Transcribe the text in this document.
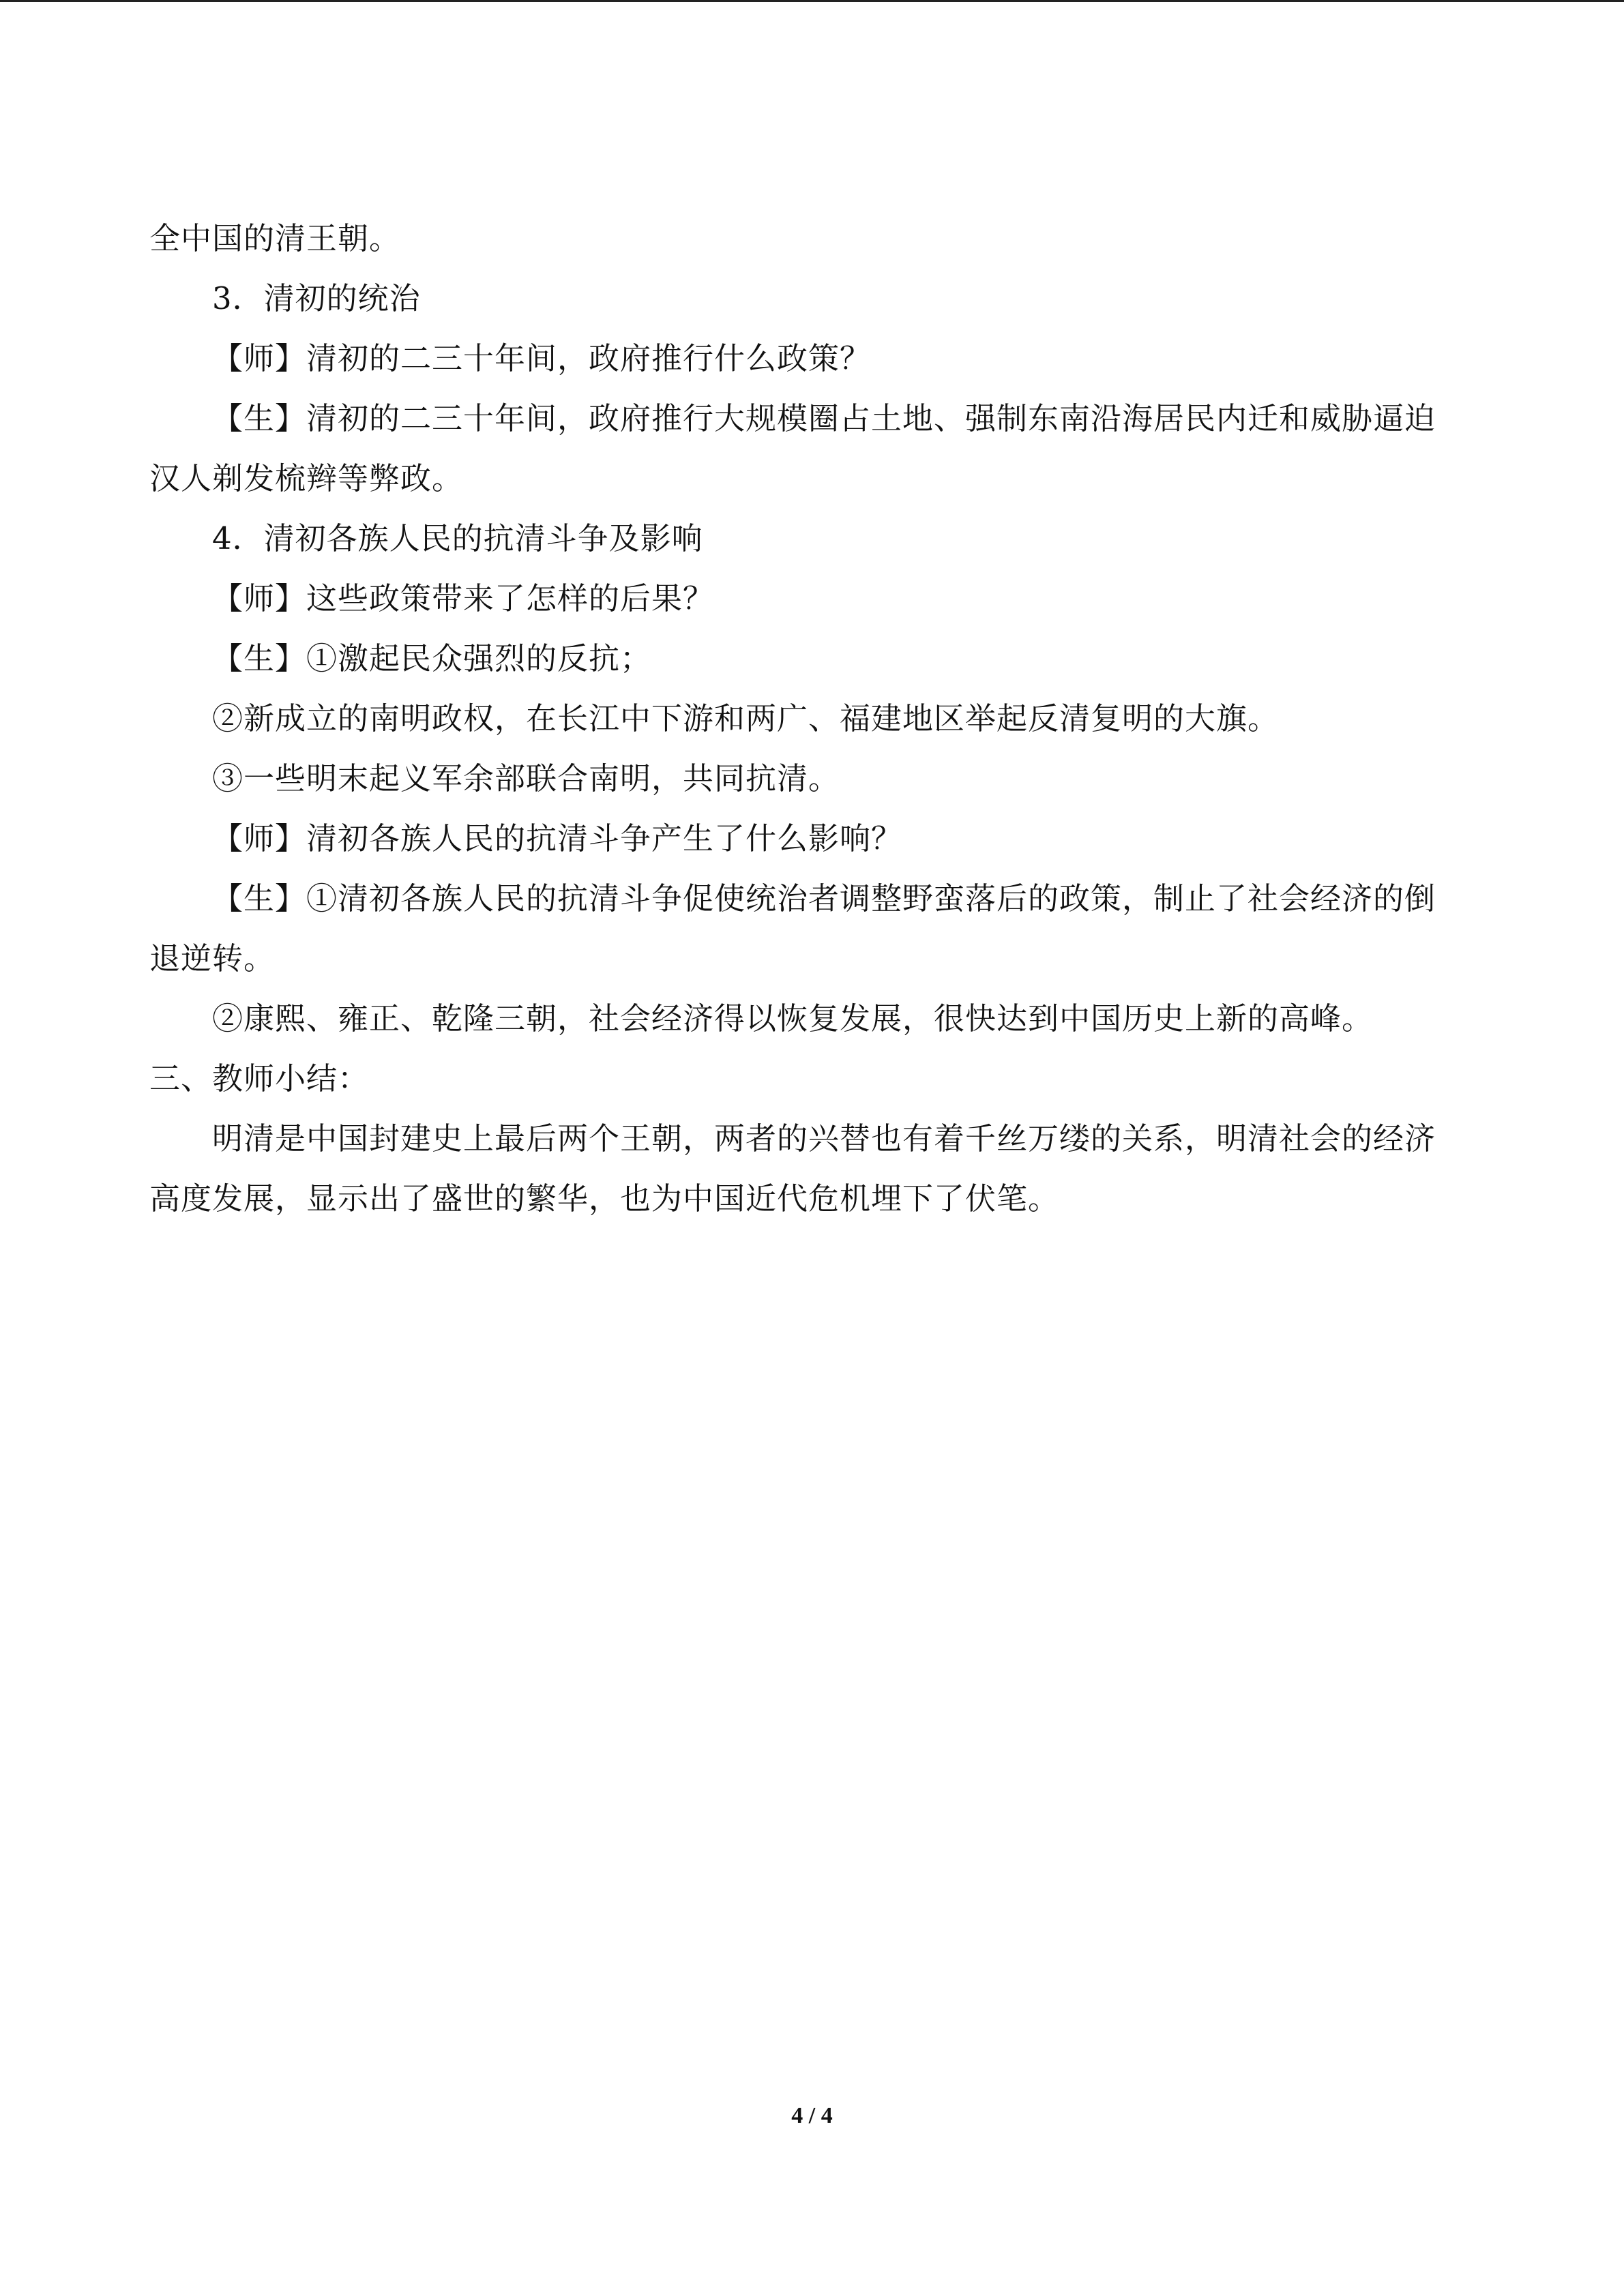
全中国的清王朝。

3．清初的统治

【师】清初的二三十年间，政府推行什么政策？

【生】清初的二三十年间，政府推行大规模圈占土地、强制东南沿海居民内迁和威胁逼迫汉人剃发梳辫等弊政。

4．清初各族人民的抗清斗争及影响

【师】这些政策带来了怎样的后果？

【生】①激起民众强烈的反抗；

②新成立的南明政权，在长江中下游和两广、福建地区举起反清复明的大旗。

③一些明末起义军余部联合南明，共同抗清。

【师】清初各族人民的抗清斗争产生了什么影响？

【生】①清初各族人民的抗清斗争促使统治者调整野蛮落后的政策，制止了社会经济的倒退逆转。

②康熙、雍正、乾隆三朝，社会经济得以恢复发展，很快达到中国历史上新的高峰。

三、教师小结：

明清是中国封建史上最后两个王朝，两者的兴替也有着千丝万缕的关系，明清社会的经济高度发展，显示出了盛世的繁华，也为中国近代危机埋下了伏笔。

4 / 4
